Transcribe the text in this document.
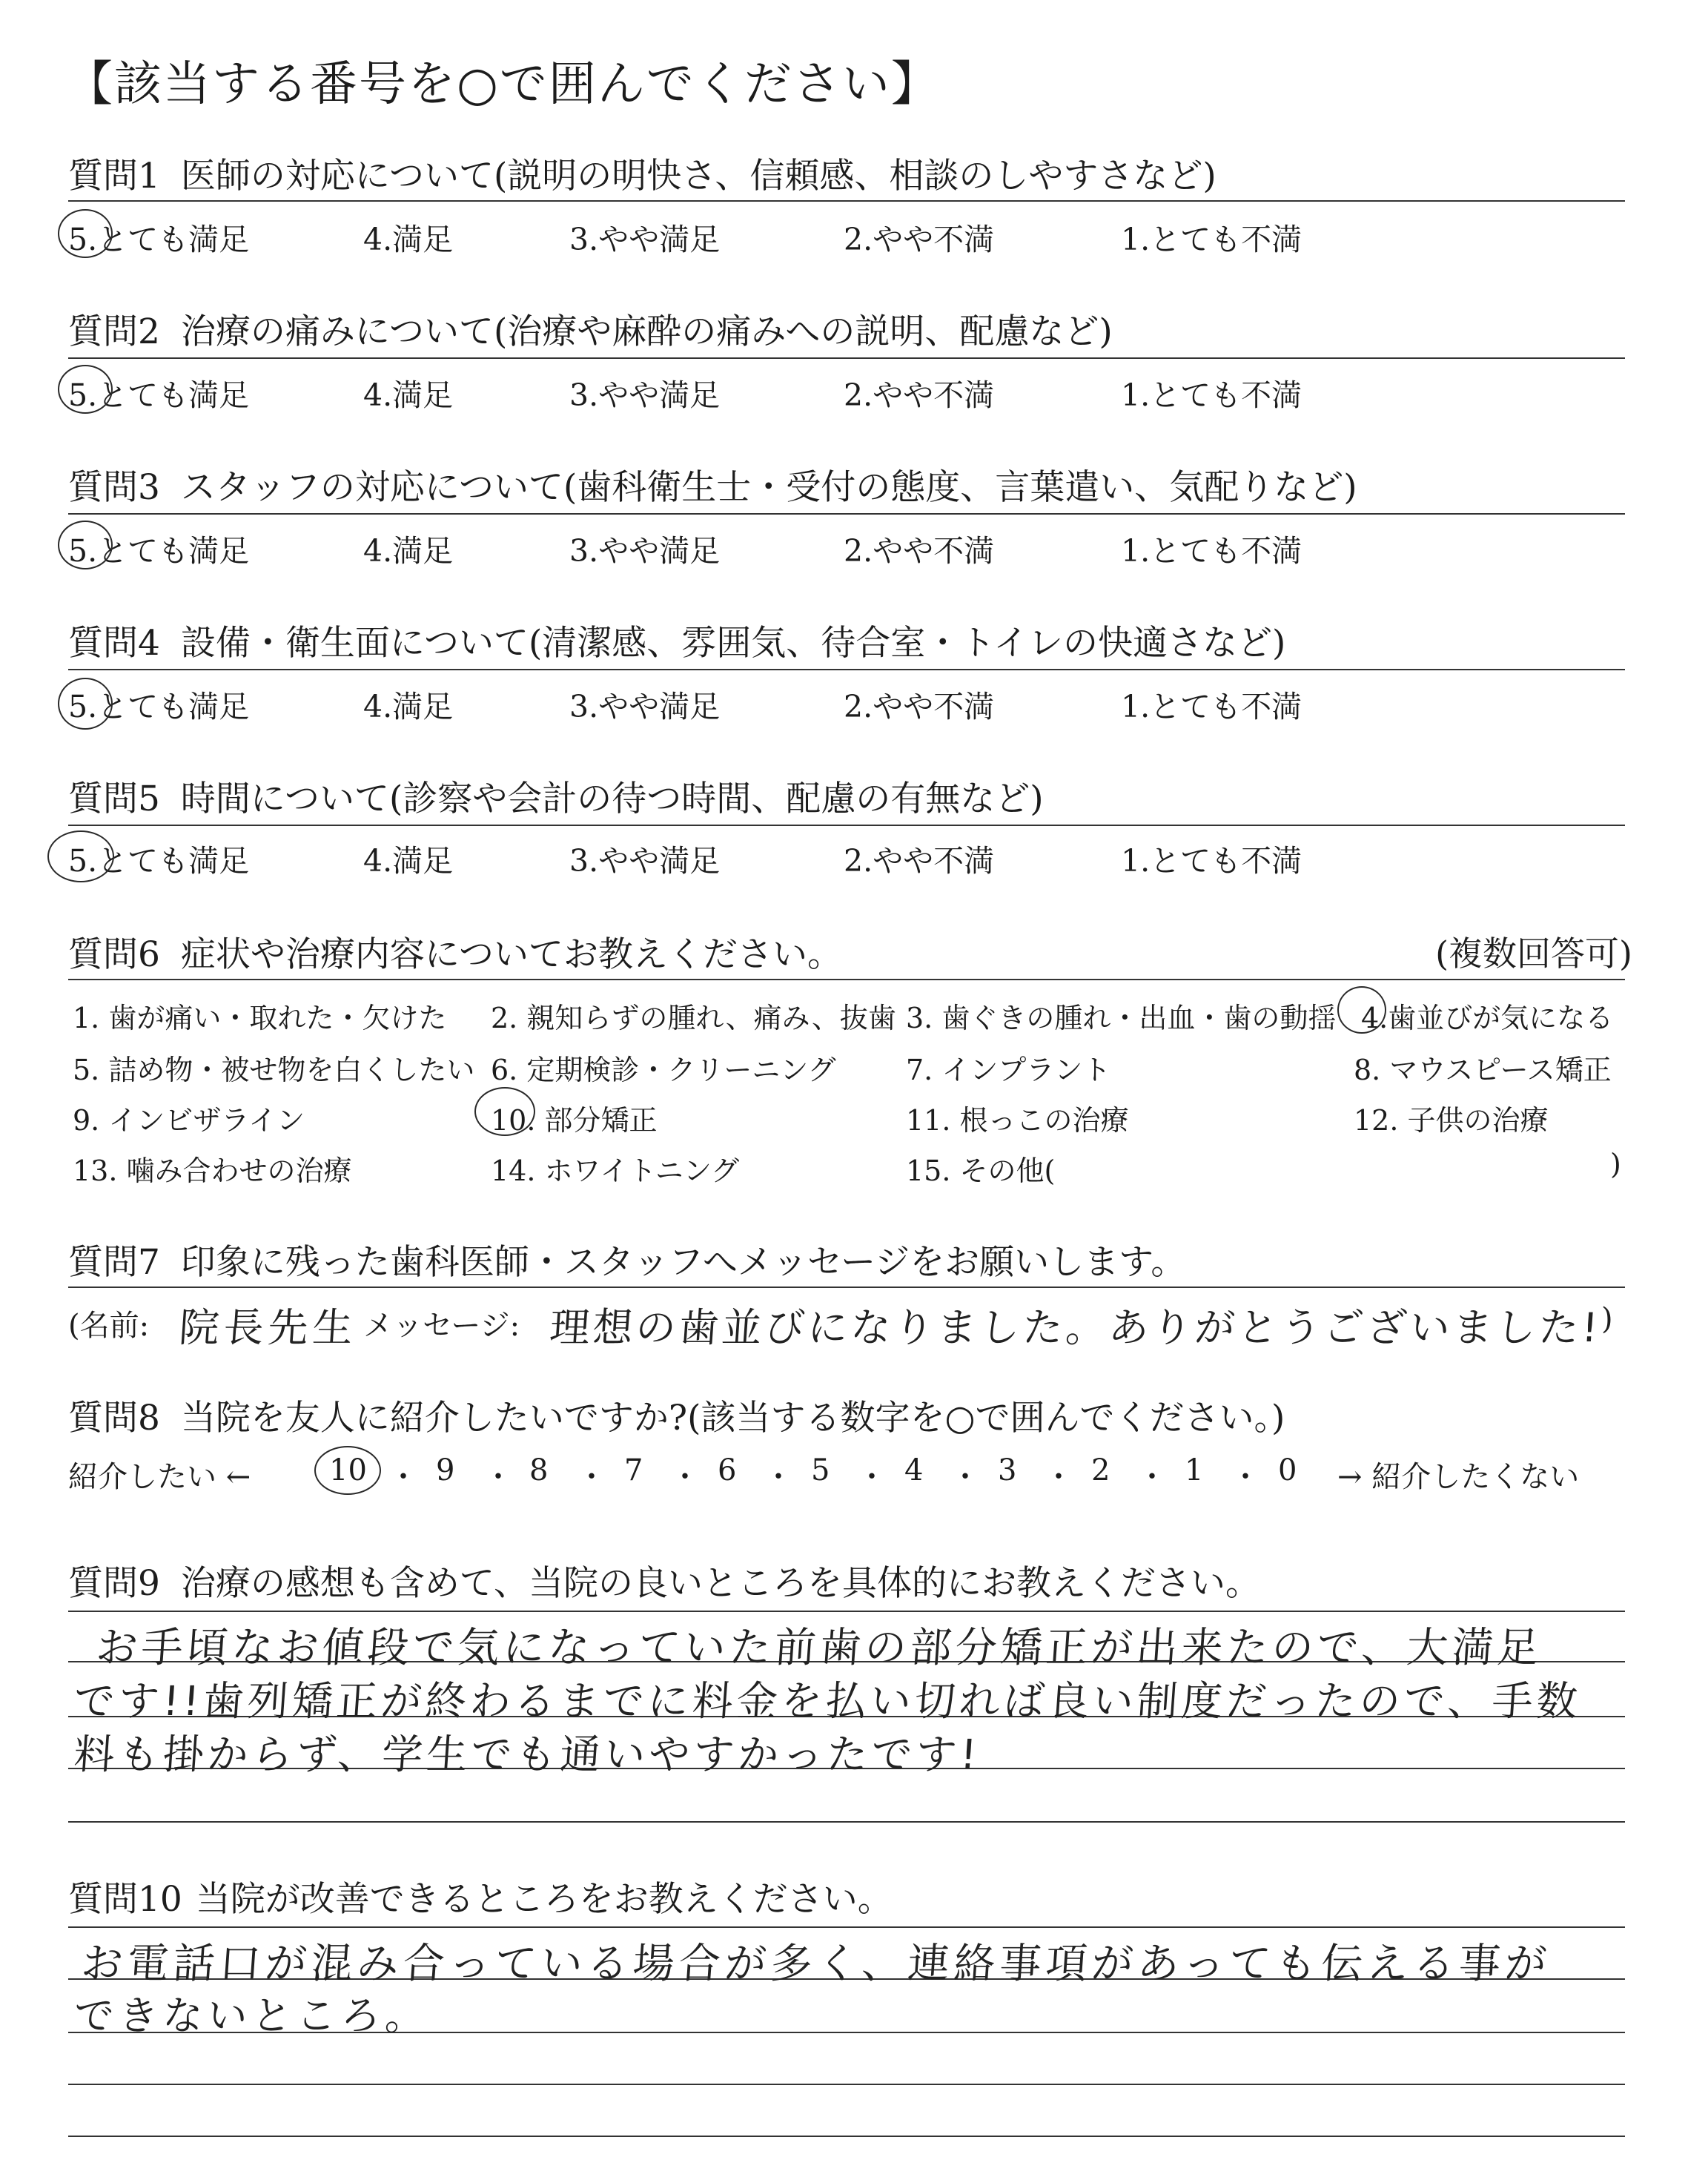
【該当する番号を○で囲んでください】
質問1 医師の対応について(説明の明快さ、信頼感、相談のしやすさなど)
5.とても満足	4.満足	3.やや満足	2.やや不満	1.とても不満
質問2 治療の痛みについて(治療や麻酔の痛みへの説明、配慮など)
5.とても満足	4.満足	3.やや満足	2.やや不満	1.とても不満
質問3 スタッフの対応について(歯科衛生士・受付の態度、言葉遣い、気配りなど)
5.とても満足	4.満足	3.やや満足	2.やや不満	1.とても不満
質問4 設備・衛生面について(清潔感、雰囲気、待合室・トイレの快適さなど)
5.とても満足	4.満足	3.やや満足	2.やや不満	1.とても不満
質問5 時間について(診察や会計の待つ時間、配慮の有無など)
5.とても満足	4.満足	3.やや満足	2.やや不満	1.とても不満
質問6 症状や治療内容についてお教えください。	(複数回答可)
1. 歯が痛い・取れた・欠けた 2. 親知らずの腫れ、痛み、抜歯 3. 歯ぐきの腫れ・出血・歯の動揺 4.歯並びが気になる
5. 詰め物・被せ物を白くしたい 6. 定期検診・クリーニング 7. インプラント	8. マウスピース矯正
9. インビザライン	10. 部分矯正	11. 根っこの治療	12. 子供の治療
13. 噛み合わせの治療	14. ホワイトニング	15. その他(	)
質問7 印象に残った歯科医師・スタッフへメッセージをお願いします。
(名前: 院長先生 メッセージ: 理想の歯並びになりました。ありがとうございました!
)
質問8 当院を友人に紹介したいですか?(該当する数字を○で囲んでください。)
紹介したい ←	10 ・ 9 ・ 8 ・ 7 ・ 6 ・ 5 ・ 4 ・ 3 ・ 2 ・ 1 ・ 0 → 紹介したくない
質問9 治療の感想も含めて、当院の良いところを具体的にお教えください。
お手頃なお値段で気になっていた前歯の部分矯正が出来たので、大満足
です!!歯列矯正が終わるまでに料金を払い切れば良い制度だったので、手数
料も掛からず、学生でも通いやすかったです!
質問10 当院が改善できるところをお教えください。
お電話口が混み合っている場合が多く、連絡事項があっても伝える事が
できないところ。
